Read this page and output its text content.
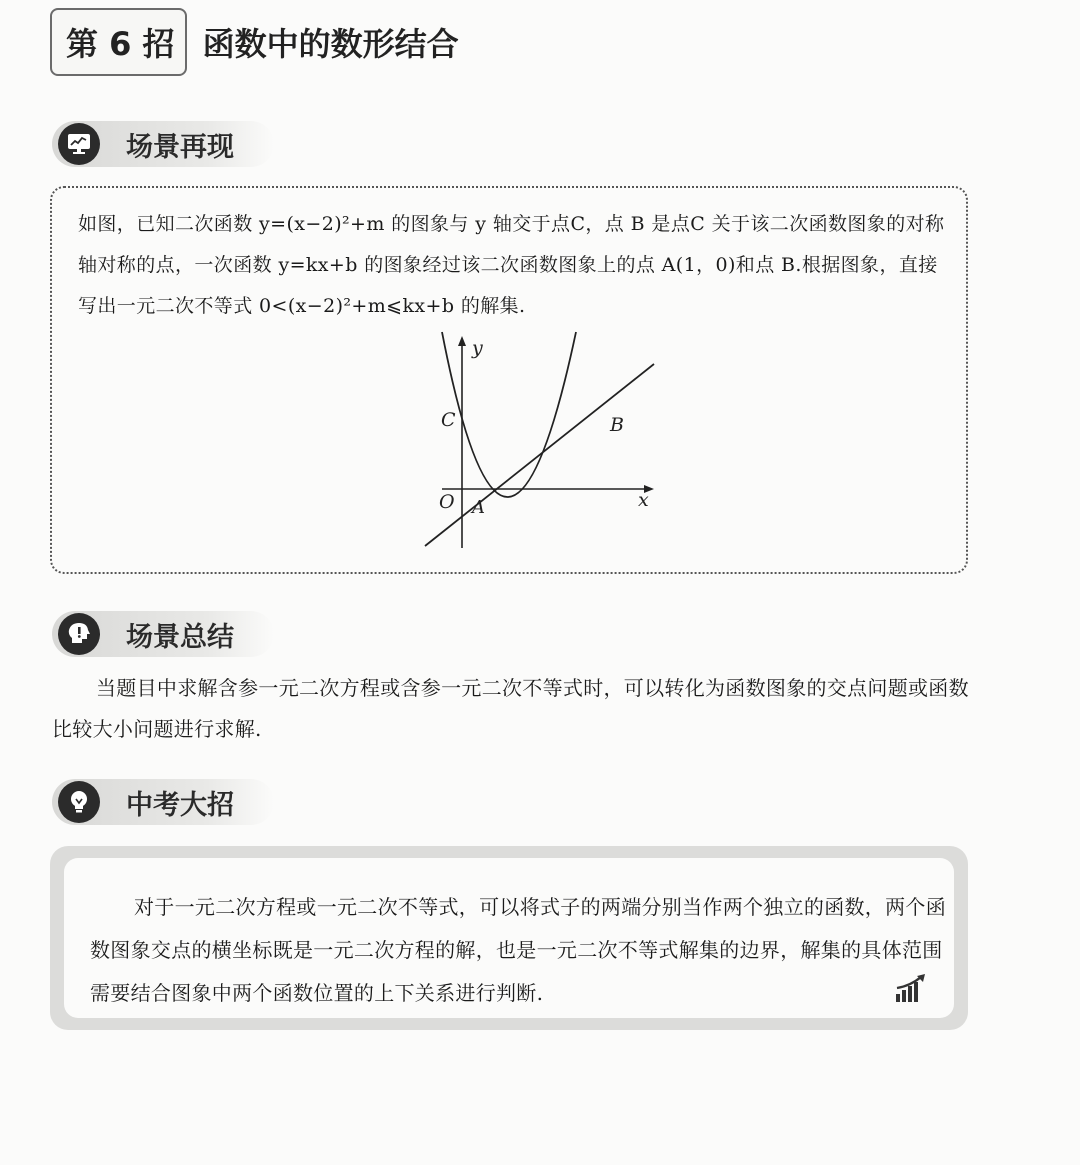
第 6 招 函数中的数形结合
场景再现

如图，已知二次函数 y=(x−2)²+m 的图象与 y 轴交于点C，点 B 是点C 关于该二次函数图象的对称轴对称的点，一次函数 y=kx+b 的图象经过该二次函数图象上的点 A(1，0)和点 B.根据图象，直接写出一元二次不等式 0<(x−2)²+m⩽kx+b 的解集.

y
x
O A
B
C
场景总结

当题目中求解含参一元二次方程或含参一元二次不等式时，可以转化为函数图象的交点问题或函数比较大小问题进行求解.

中考大招

对于一元二次方程或一元二次不等式，可以将式子的两端分别当作两个独立的函数，两个函数图象交点的横坐标既是一元二次方程的解，也是一元二次不等式解集的边界，解集的具体范围需要结合图象中两个函数位置的上下关系进行判断.
